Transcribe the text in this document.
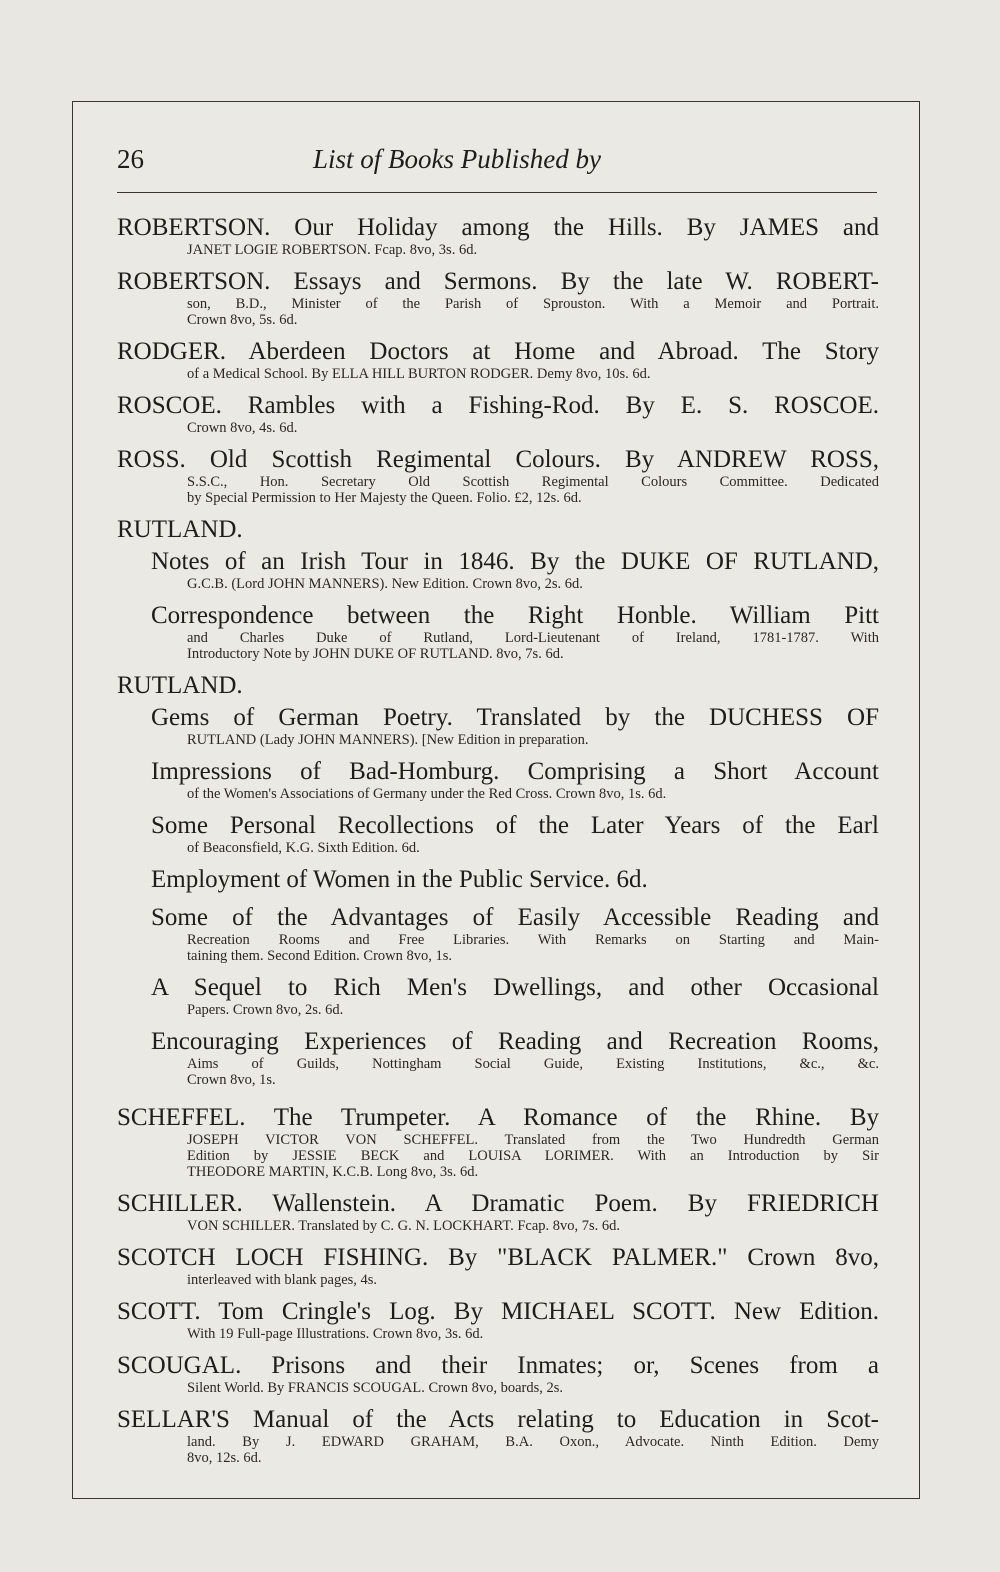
26	List of Books Published by
ROBERTSON. Our Holiday among the Hills. By JAMES and
JANET LOGIE ROBERTSON. Fcap. 8vo, 3s. 6d.
ROBERTSON. Essays and Sermons. By the late W. ROBERT-
son, B.D., Minister of the Parish of Sprouston. With a Memoir and Portrait.
Crown 8vo, 5s. 6d.
RODGER. Aberdeen Doctors at Home and Abroad. The Story
of a Medical School. By ELLA HILL BURTON RODGER. Demy 8vo, 10s. 6d.
ROSCOE. Rambles with a Fishing-Rod. By E. S. ROSCOE.
Crown 8vo, 4s. 6d.
ROSS. Old Scottish Regimental Colours. By ANDREW ROSS,
S.S.C., Hon. Secretary Old Scottish Regimental Colours Committee. Dedicated
by Special Permission to Her Majesty the Queen. Folio. £2, 12s. 6d.
RUTLAND.
Notes of an Irish Tour in 1846. By the DUKE OF RUTLAND,
G.C.B. (Lord JOHN MANNERS). New Edition. Crown 8vo, 2s. 6d.
Correspondence between the Right Honble. William Pitt
and Charles Duke of Rutland, Lord-Lieutenant of Ireland, 1781-1787. With
Introductory Note by JOHN DUKE OF RUTLAND. 8vo, 7s. 6d.
RUTLAND.
Gems of German Poetry. Translated by the DUCHESS OF
RUTLAND (Lady JOHN MANNERS). [New Edition in preparation.
Impressions of Bad-Homburg. Comprising a Short Account
of the Women's Associations of Germany under the Red Cross. Crown 8vo, 1s. 6d.
Some Personal Recollections of the Later Years of the Earl
of Beaconsfield, K.G. Sixth Edition. 6d.
Employment of Women in the Public Service. 6d.
Some of the Advantages of Easily Accessible Reading and
Recreation Rooms and Free Libraries. With Remarks on Starting and Main-
taining them. Second Edition. Crown 8vo, 1s.
A Sequel to Rich Men's Dwellings, and other Occasional
Papers. Crown 8vo, 2s. 6d.
Encouraging Experiences of Reading and Recreation Rooms,
Aims of Guilds, Nottingham Social Guide, Existing Institutions, &c., &c.
Crown 8vo, 1s.
SCHEFFEL. The Trumpeter. A Romance of the Rhine. By
JOSEPH VICTOR VON SCHEFFEL. Translated from the Two Hundredth German
Edition by JESSIE BECK and LOUISA LORIMER. With an Introduction by Sir
THEODORE MARTIN, K.C.B. Long 8vo, 3s. 6d.
SCHILLER. Wallenstein. A Dramatic Poem. By FRIEDRICH
VON SCHILLER. Translated by C. G. N. LOCKHART. Fcap. 8vo, 7s. 6d.
SCOTCH LOCH FISHING. By "BLACK PALMER." Crown 8vo,
interleaved with blank pages, 4s.
SCOTT. Tom Cringle's Log. By MICHAEL SCOTT. New Edition.
With 19 Full-page Illustrations. Crown 8vo, 3s. 6d.
SCOUGAL. Prisons and their Inmates; or, Scenes from a
Silent World. By FRANCIS SCOUGAL. Crown 8vo, boards, 2s.
SELLAR'S Manual of the Acts relating to Education in Scot-
land. By J. EDWARD GRAHAM, B.A. Oxon., Advocate. Ninth Edition. Demy
8vo, 12s. 6d.
